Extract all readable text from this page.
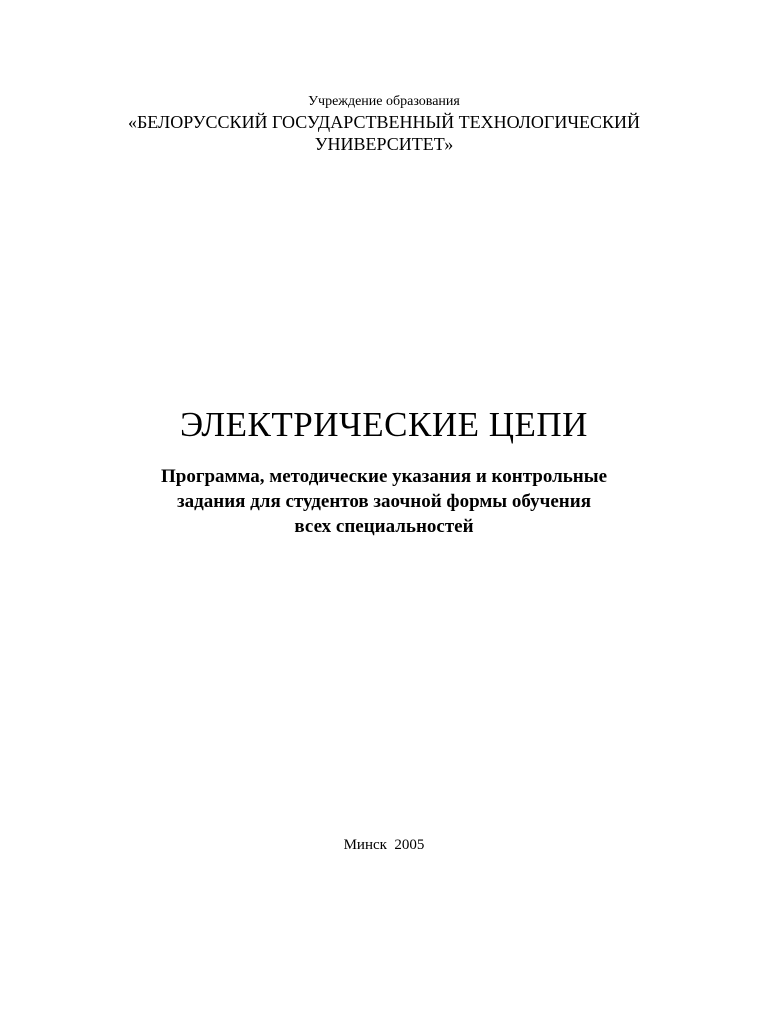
Учреждение образования
«БЕЛОРУССКИЙ ГОСУДАРСТВЕННЫЙ ТЕХНОЛОГИЧЕСКИЙ
УНИВЕРСИТЕТ»
ЭЛЕКТРИЧЕСКИЕ ЦЕПИ
Программа, методические указания и контрольные
задания для студентов заочной формы обучения
всех специальностей
Минск  2005
